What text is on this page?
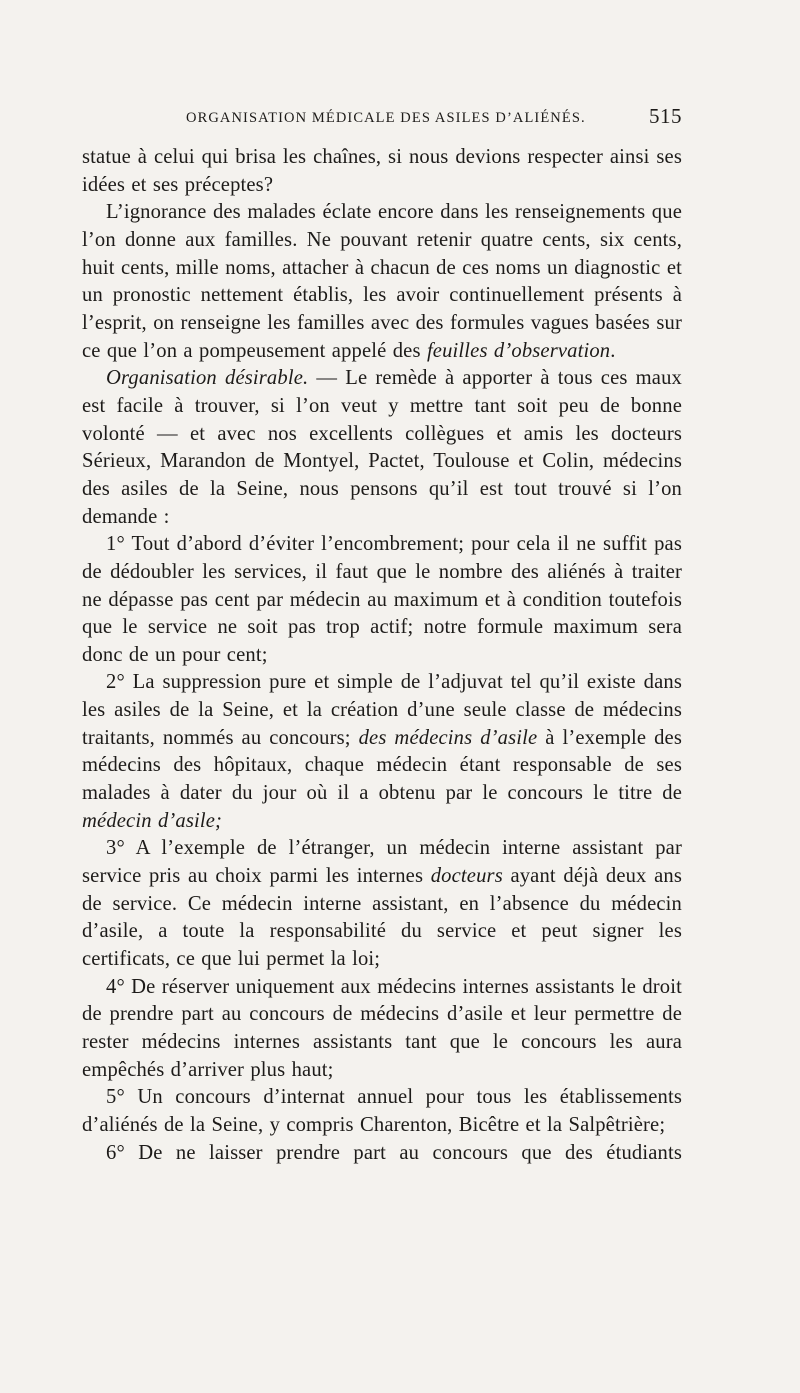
ORGANISATION MÉDICALE DES ASILES D’ALIÉNÉS.	515

statue à celui qui brisa les chaînes, si nous devions respecter ainsi ses idées et ses préceptes?

L’ignorance des malades éclate encore dans les renseignements que l’on donne aux familles. Ne pouvant retenir quatre cents, six cents, huit cents, mille noms, attacher à chacun de ces noms un diagnostic et un pronostic nettement établis, les avoir continuellement présents à l’esprit, on renseigne les familles avec des formules vagues basées sur ce que l’on a pompeusement appelé des feuilles d’observation.

Organisation désirable. — Le remède à apporter à tous ces maux est facile à trouver, si l’on veut y mettre tant soit peu de bonne volonté — et avec nos excellents collègues et amis les docteurs Sérieux, Marandon de Montyel, Pactet, Toulouse et Colin, médecins des asiles de la Seine, nous pensons qu’il est tout trouvé si l’on demande :

1° Tout d’abord d’éviter l’encombrement; pour cela il ne suffit pas de dédoubler les services, il faut que le nombre des aliénés à traiter ne dépasse pas cent par médecin au maximum et à condition toutefois que le service ne soit pas trop actif; notre formule maximum sera donc de un pour cent;

2° La suppression pure et simple de l’adjuvat tel qu’il existe dans les asiles de la Seine, et la création d’une seule classe de médecins traitants, nommés au concours; des médecins d’asile à l’exemple des médecins des hôpitaux, chaque médecin étant responsable de ses malades à dater du jour où il a obtenu par le concours le titre de médecin d’asile;

3° A l’exemple de l’étranger, un médecin interne assistant par service pris au choix parmi les internes docteurs ayant déjà deux ans de service. Ce médecin interne assistant, en l’absence du médecin d’asile, a toute la responsabilité du service et peut signer les certificats, ce que lui permet la loi;

4° De réserver uniquement aux médecins internes assistants le droit de prendre part au concours de médecins d’asile et leur permettre de rester médecins internes assistants tant que le concours les aura empêchés d’arriver plus haut;

5° Un concours d’internat annuel pour tous les établissements d’aliénés de la Seine, y compris Charenton, Bicêtre et la Salpêtrière;

6° De ne laisser prendre part au concours que des étudiants
